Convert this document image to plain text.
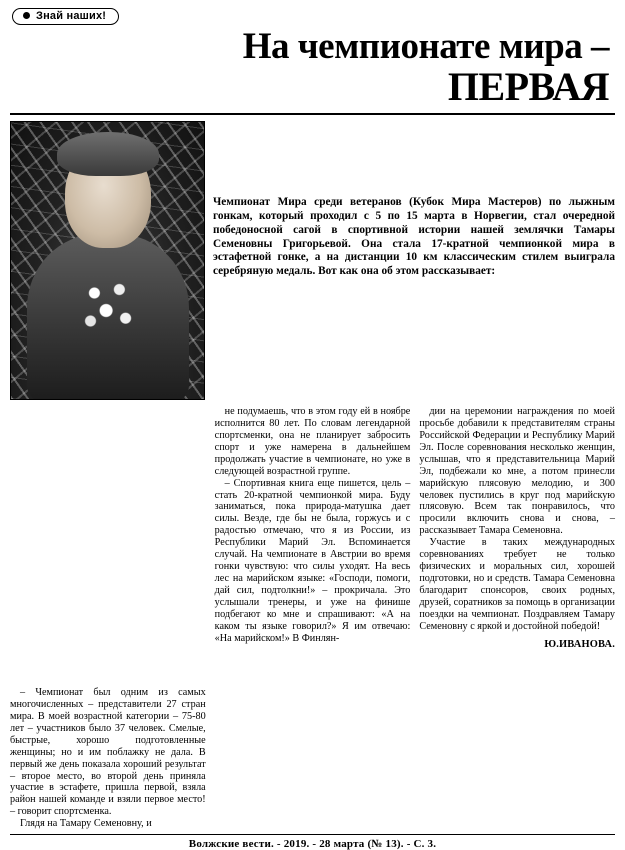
Знай наших!
На чемпионате мира –
ПЕРВАЯ

Чемпионат Мира среди ветеранов (Кубок Мира Мастеров) по лыжным гонкам, который проходил с 5 по 15 марта в Норвегии, стал очередной победоносной сагой в спортивной истории нашей землячки Тамары Семеновны Григорьевой. Она стала 17-кратной чемпионкой мира в эстафетной гонке, а на дистанции 10 км классическим стилем выиграла серебряную медаль. Вот как она об этом рассказывает:

– Чемпионат был одним из самых многочисленных – представители 27 стран мира. В моей возрастной категории – 75-80 лет – участников было 37 человек. Смелые, быстрые, хорошо подготовленные женщины; но и им поблажку не дала. В первый же день показала хороший результат – второе место, во второй день приняла участие в эстафете, пришла первой, взяла район нашей команде и взяли первое место! – говорит спортсменка.

Глядя на Тамару Семеновну, и

не подумаешь, что в этом году ей в ноябре исполнится 80 лет. По словам легендарной спортсменки, она не планирует забросить спорт и уже намерена в дальнейшем продолжать участие в чемпионате, но уже в следующей возрастной группе.

– Спортивная книга еще пишется, цель – стать 20-кратной чемпионкой мира. Буду заниматься, пока природа-матушка дает силы. Везде, где бы не была, горжусь и с радостью отмечаю, что я из России, из Республики Марий Эл. Вспоминается случай. На чемпионате в Австрии во время гонки чувствую: что силы уходят. На весь лес на марийском языке: «Господи, помоги, дай сил, подтолкни!» – прокричала. Это услышали тренеры, и уже на финише подбегают ко мне и спрашивают: «А на каком ты языке говорил?» Я им отвечаю: «На марийском!» В Финлян-

дии на церемонии награждения по моей просьбе добавили к представителям страны Российской Федерации и Республику Марий Эл. После соревнования несколько женщин, услышав, что я представительница Марий Эл, подбежали ко мне, а потом принесли марийскую плясовую мелодию, и 300 человек пустились в круг под марийскую плясовую. Всем так понравилось, что просили включить снова и снова, – рассказывает Тамара Семеновна.

Участие в таких международных соревнованиях требует не только физических и моральных сил, хорошей подготовки, но и средств. Тамара Семеновна благодарит спонсоров, своих родных, друзей, соратников за помощь в организации поездки на чемпионат. Поздравляем Тамару Семеновну с яркой и достойной победой!

Ю.ИВАНОВА.
Волжские вести. - 2019. - 28 марта (№ 13). - С. 3.
